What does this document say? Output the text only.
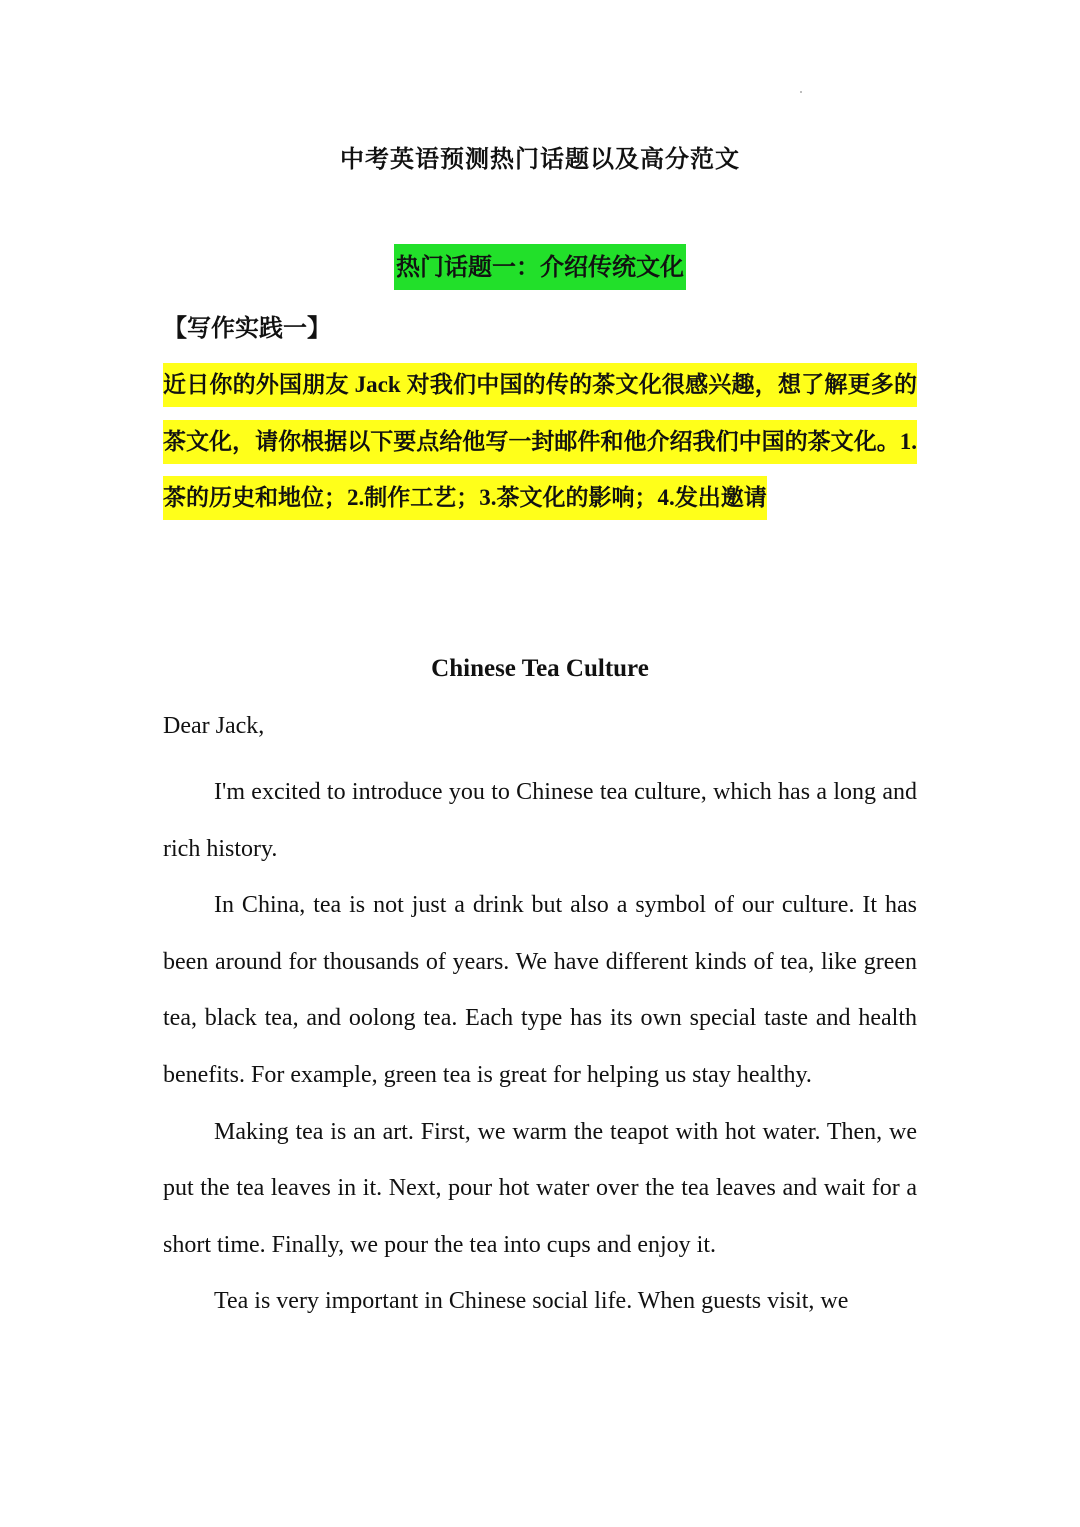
中考英语预测热门话题以及高分范文
热门话题一：介绍传统文化
【写作实践一】
近日你的外国朋友 Jack 对我们中国的传的茶文化很感兴趣，想了解更多的茶文化，请你根据以下要点给他写一封邮件和他介绍我们中国的茶文化。1.茶的历史和地位；2.制作工艺；3.茶文化的影响；4.发出邀请
Chinese Tea Culture
Dear Jack,

I'm excited to introduce you to Chinese tea culture, which has a long and rich history.

In China, tea is not just a drink but also a symbol of our culture. It has been around for thousands of years. We have different kinds of tea, like green tea, black tea, and oolong tea. Each type has its own special taste and health benefits. For example, green tea is great for helping us stay healthy.

Making tea is an art. First, we warm the teapot with hot water. Then, we put the tea leaves in it. Next, pour hot water over the tea leaves and wait for a short time. Finally, we pour the tea into cups and enjoy it.

Tea is very important in Chinese social life. When guests visit, we
